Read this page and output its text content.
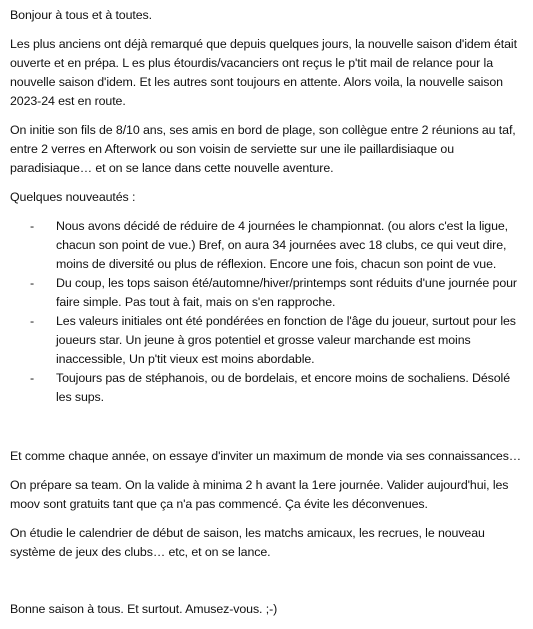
Bonjour à tous et à toutes.

Les plus anciens ont déjà remarqué que depuis quelques jours, la nouvelle saison d'idem était ouverte et en prépa. L es plus étourdis/vacanciers ont reçus le p'tit mail de relance pour la nouvelle saison d'idem. Et les autres sont toujours en attente. Alors voila, la nouvelle saison 2023-24 est en route.

On initie son fils de 8/10 ans, ses amis en bord de plage, son collègue entre 2 réunions au taf, entre 2 verres en Afterwork ou son voisin de serviette sur une ile paillardisiaque ou paradisiaque… et on se lance dans cette nouvelle aventure.

Quelques nouveautés :

- Nous avons décidé de réduire de 4 journées le championnat. (ou alors c'est la ligue, chacun son point de vue.) Bref, on aura 34 journées avec 18 clubs, ce qui veut dire, moins de diversité ou plus de réflexion. Encore une fois, chacun son point de vue.
- Du coup, les tops saison été/automne/hiver/printemps sont réduits d'une journée pour faire simple. Pas tout à fait, mais on s'en rapproche.
- Les valeurs initiales ont été pondérées en fonction de l'âge du joueur, surtout pour les joueurs star. Un jeune à gros potentiel et grosse valeur marchande est moins inaccessible, Un p'tit vieux est moins abordable.
- Toujours pas de stéphanois, ou de bordelais, et encore moins de sochaliens. Désolé les sups.

Et comme chaque année, on essaye d'inviter un maximum de monde via ses connaissances…

On prépare sa team. On la valide à minima 2 h avant la 1ere journée. Valider aujourd'hui, les moov sont gratuits tant que ça n'a pas commencé. Ça évite les déconvenues.

On étudie le calendrier de début de saison, les matchs amicaux, les recrues, le nouveau système de jeux des clubs… etc, et on se lance.

Bonne saison à tous. Et surtout. Amusez-vous. ;-)
